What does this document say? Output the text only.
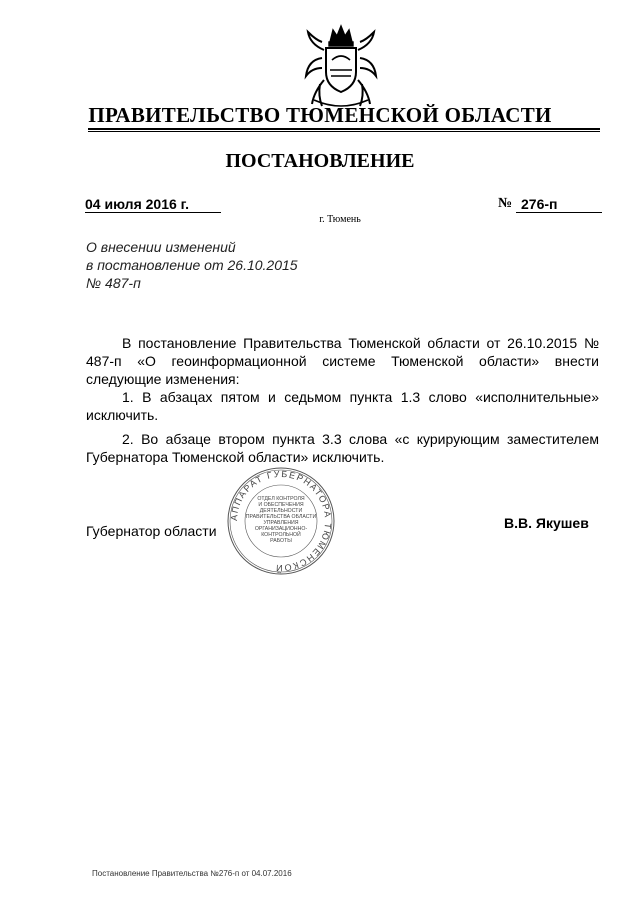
ПРАВИТЕЛЬСТВО ТЮМЕНСКОЙ ОБЛАСТИ
ПОСТАНОВЛЕНИЕ
04 июля 2016 г.	№ 276-п
г. Тюмень
О внесении изменений
в постановление от 26.10.2015
№ 487-п
В постановление Правительства Тюменской области от 26.10.2015 № 487-п «О геоинформационной системе Тюменской области» внести следующие изменения:
1. В абзацах пятом и седьмом пункта 1.3 слово «исполнительные» исключить.
2. Во абзаце втором пункта 3.3 слова «с курирующим заместителем Губернатора Тюменской области» исключить.
Губернатор области	В.В. Якушев
АППАРАТ ГУБЕРНАТОРА ТЮМЕНСКОЙ
ОТДЕЛ КОНТРОЛЯ
И ОБЕСПЕЧЕНИЯ
ДЕЯТЕЛЬНОСТИ
ПРАВИТЕЛЬСТВА ОБЛАСТИ
УПРАВЛЕНИЯ
ОРГАНИЗАЦИОННО-
КОНТРОЛЬНОЙ
РАБОТЫ
Постановление Правительства №276-п от 04.07.2016
